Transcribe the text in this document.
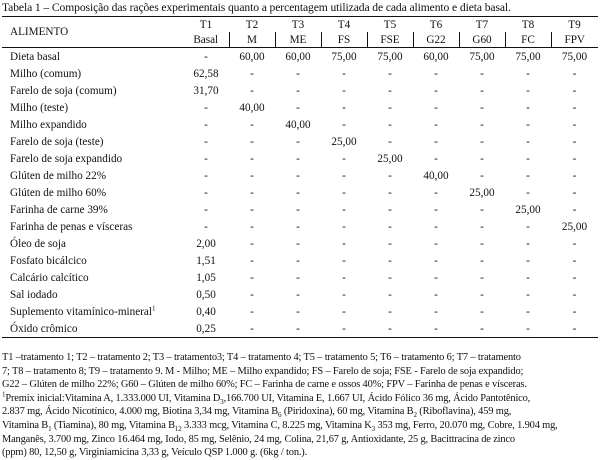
Tabela 1 – Composição das rações experimentais quanto a percentagem utilizada de cada alimento e dieta basal.
ALIMENTO	T1	T2	T3	T4	T5	T6	T7	T8	T9
	Basal	M	ME	FS	FSE	G22	G60	FC	FPV
Dieta basal	-	60,00	60,00	75,00	75,00	60,00	75,00	75,00	75,00
Milho (comum)	62,58	-	-	-	-	-	-	-	-
Farelo de soja (comum)	31,70	-	-	-	-	-	-	-	-
Milho (teste)	-	40,00	-	-	-	-	-	-	-
Milho expandido	-	-	40,00	-	-	-	-	-	-
Farelo de soja (teste)	-	-	-	25,00	-	-	-	-	-
Farelo de soja expandido	-	-	-	-	25,00	-	-	-	-
Glúten de milho 22%	-	-	-	-	-	40,00	-	-	-
Glúten de milho 60%	-	-	-	-	-	-	25,00	-	-
Farinha de carne 39%	-	-	-	-	-	-	-	25,00	-
Farinha de penas e vísceras	-	-	-	-	-	-	-	-	25,00
Óleo de soja	2,00	-	-	-	-	-	-	-	-
Fosfato bicálcico	1,51	-	-	-	-	-	-	-	-
Calcário calcítico	1,05	-	-	-	-	-	-	-	-
Sal iodado	0,50	-	-	-	-	-	-	-	-
Suplemento vitamínico-mineral$^1$	0,40	-	-	-	-	-	-	-	-
Óxido crômico	0,25	-	-	-	-	-	-	-	-

T1 –tratamento 1; T2 – tratamento 2; T3 – tratamento3; T4 – tratamento 4; T5 – tratamento 5; T6 – tratamento 6; T7 – tratamento

7; T8 – tratamento 8; T9 – tratamento 9. M - Milho; ME – Milho expandido; FS – Farelo de soja; FSE - Farelo de soja expandido;

G22 – Glúten de milho 22%; G60 – Glúten de milho 60%; FC – Farinha de carne e ossos 40%; FPV – Farinha de penas e vísceras.

$^1$Premix inicial:Vitamina A, 1.333.000 UI, Vitamina $D_3,166.700$ UI, Vitamina E, 1.667 UI, Ácido Fólico 36 mg, Ácido Pantotênico,

2.837 mg, Ácido Nicotínico, 4.000 mg, Biotina 3,34 mg, Vitamina $B_6$ (Piridoxina), 60 mg, Vitamina $B_2$ (Riboflavina), 459 mg,

Vitamina $B_1$ (Tiamina), 80 mg, Vitamina $B_{12}$ 3.333 mcg, Vitamina C, 8.225 mg, Vitamina $K_3$ 353 mg, Ferro, 20.070 mg, Cobre, 1.904 mg,

Manganês, 3.700 mg, Zinco 16.464 mg, Iodo, 85 mg, Selênio, 24 mg, Colina, 21,67 g, Antioxidante, 25 g, Bacittracina de zinco

(ppm) 80, 12,50 g, Virginiamicina 3,33 g, Veículo QSP 1.000 g. (6kg / ton.).
